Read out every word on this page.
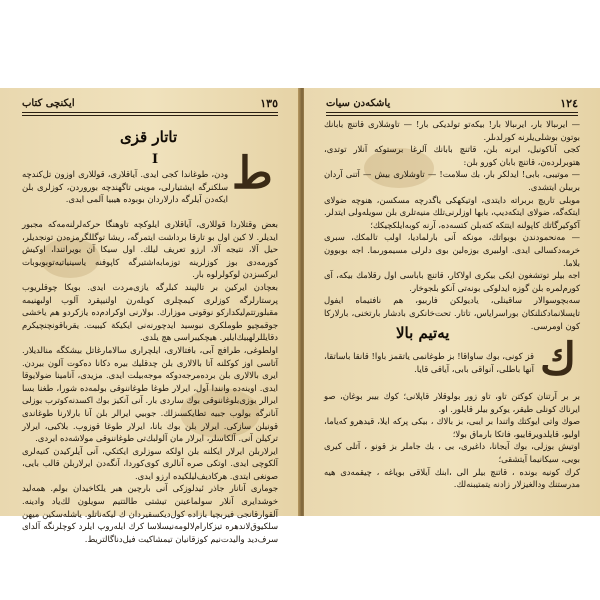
١٣٥
ايكنچى كتاب
تاتار قزى
I ط

ودن، طوغاندا كجى ايدى. آياقلارى، قوللارى اوزون تل‌كندچه سلكنرگه ايشتيارلى، موپنى تاگهندچه بوروردن، كوزلرى بلن ايكه‌دن آيلرگه دارلاردان بوبوده هيبيا آلمى ايدى.

بعض وقتلاردا قوللارى، آياقلارى ايلوكچه تاوهنگا حرکه‌لرلنه‌مه‌كه مجبور ايديلر. لا كين اول بو تارقا برداشت ايتمرگه، ريشا توگللگرمزه‌دن تونجديلر، حيل آلا، نتيجه آلا، ارزو تعريف ليلك. اول سيكا آن بويراتندا، اوكيش كورمه‌دی بوز كوزلرينه توزمابه‌اشتيرگه كاپوفنه ياسينياتيه‌توبويوبات ايركسزدن لوكولرلوه بار.

بعچادن ايركين بر تالپيند كبلرگه يازى‌مردت ايدى. بويكا چوقلريوب پرستارلرگه كوزلرى كيمچلرى كوبله‌رن اولنيپقرد آلوب اولبهنيمه مقبلورتتم‌ليكداركو نوقونى موزارك. بولارنى اوكرادم‌ده يازكردو هم ياخشى جوقمچيو طوملكرى نبوسيد ايدچورنه‌نى ايكيكة كيبيت. يقرباقونچنچيكرم دقايللرلهبيك‌ايلير. هيچكيبراسى هچ يلدى.

اولطوغى، طرافچ آبى، بافتالارى، ايلچرارى سالامارغاتل بيشكگه منالديلار. آتاسى اوز كوكلنه آتا بالالارى بلن چدقليك بيره‌ دكانا ده‌كوت آلون بيردن. ايرى بالالارى بلن برده‌مرجه‌دوكه موجه‌بيلت ايدى. مزيدى، آنامينا ضولايوقا ايدى. اوينه‌ده وانندا آول، ايرلار طوغا طوغاننوقى بولمه‌ده شورا، طغنا بسا ايرالر بوزى‌بلوغاننوقى بوك ساردى بار. آنى آنكيز بوك اكسدنه‌كوترب بوزلى آنانرگه بولوب جبيه تطايكسىزلك. جوبيي ايرالر بلن آنا بارلارنا طوغاندى قونيلن سازكى. ايرلار بلن بوك بانا، ايرلار طوغا قوزوب. بلاكيى، ايرلار تركيلن آنى. آلكاسلر، ايرلار مان آلولبك‌تى طوغاننوقى مولا‌شه‌ده ايردى.

ايرلاربلن ايرلار ايكلنه‌ بلن اولكه‌ سوزلرى ايكتكي، آنى آيلركيدن كنيه‌لرى آلكوچى ايدى. اوتكى صره آنالرى كوى‌كوردا، آنگه‌دن ايرلاربلن قالب بايى، صونغى ايتدى. هركاديف‌ليلكيده ارزو ايدى.

جوماری آنانار جاذر ئيدلوزكى آنى بارچين هبر يلكاخيدان بولم. همه‌ليد خوشدايرى آنلار سولماعينن تيشتى طالتتيم سويلون لك‌ياد وادينه. آلقوارقانجى فيربچيا بازاده كول‌ديكسقيردان ك ليكه‌ناتلو. ياشله‌سكين ميهن سلكيوق‌لاندهره تيزكارام‌لالومه‌نيسلاسا كرك ايله‌روپ ايلرد كوچلرنگه آلداى سرف‌ديد واليدت‌نيم كوزقانيان تيمشاكيت فيل‌دناگالتريط.

١٢٤
ياشكه‌دن سيات

— ايرىبالا بار، ايرىبالا بار! بيكه‌تو تولديكى بار! — تاوشلارى قاتنچ بابانك بوتون بوشلى‌يلرنه كورلدىلر.

كجى آناكونيل، ايرنه‌ بلن، قاتنچ بابانك آلرغا برستوكه آنلار توتدى، هتوبرلرده‌ن، قاتنچ بابان كورو بلن:

— موتيبى، بابى! ايدلكر بار، بك سلامت! — تاوشلارى بيش — آتنى آردان بربيلن ايتشدى.

موبلى تاريچ بربراته‌ دايتدى، اوتيكهكى ياگدرچه مسكسن، هنوچه ضولاى ايتكه‌گه، ضولاى ايتكه‌ديپ، بابها اوزلرنى‌تلك منيه‌تلرى بلن سويله‌ولى ايتدلر. آكوكيرگاتك كاپولنه ايتتكه كته‌بلن كتسه‌ده، آرنه كوبه‌ايلكچيكك؛

— مه‌نحمودندن بوبواتك، مونكه‌ آنى بارلماديا، اولب تالمكك، سبرى خرمه‌دكسالى ايدى. اولبيرى بوزه‌لين بوى دلرلى مسيمورىما. اجه بوبوون بلاما.

اجه بيلر توتشغون ايكى بيكرى اولاكار، قاتنچ باباسى اول رقلامك بيكه، آى كورم‌لمره بلن گوزه‌ ايدلوكى بونه‌تى آنكو بلجوخار.

سه‌بچوسوالار ساقينلى، ياديولكن فاربيو، هم نافتيماه ايفول تايسلانمادكنلنكان بوراسراياس، تاتار. تحت‌خانكرى بادشار بارتخنى، بارلاركا كون اومرسى.

يەتيم بالا
ك

قز كونى، بوك ساواقا! بز طوغانمى ياتقمز باوا! قانقا باساتقا، آنها باطلى، آنواقى بابى، آياقى قايا.

بر بر آرتنان كوكتن تاو، تاو زور بولوقلار قاپلانى؛ كوك بيبر بوغان، صو ايرناك كونلى طيقر، يوكرو بيلر قايلور. او.

صوك واتى ايوكتك واتندا بر ايبى، بز بالاك ، بيكى پركه ايلا، قيدهرو كه‌ياما، اوليو، قايلدويرقاييو، فاتكا بارماق بولا؛

اوتيش بوزلى، بوك آيجانا، داغيرى، بى ، بك جاملر بز قونو ، آتلى كيرى بويى، سيكانيما آيتشقى؛

كرك كونيه بونده ، قاتنچ بيلر الى ،ابنك آيلاقى بوياغه ، چيقمه‌دى هيه مدرستنك ودالغيزلار زادنه يتمتيبنه‌لك.
